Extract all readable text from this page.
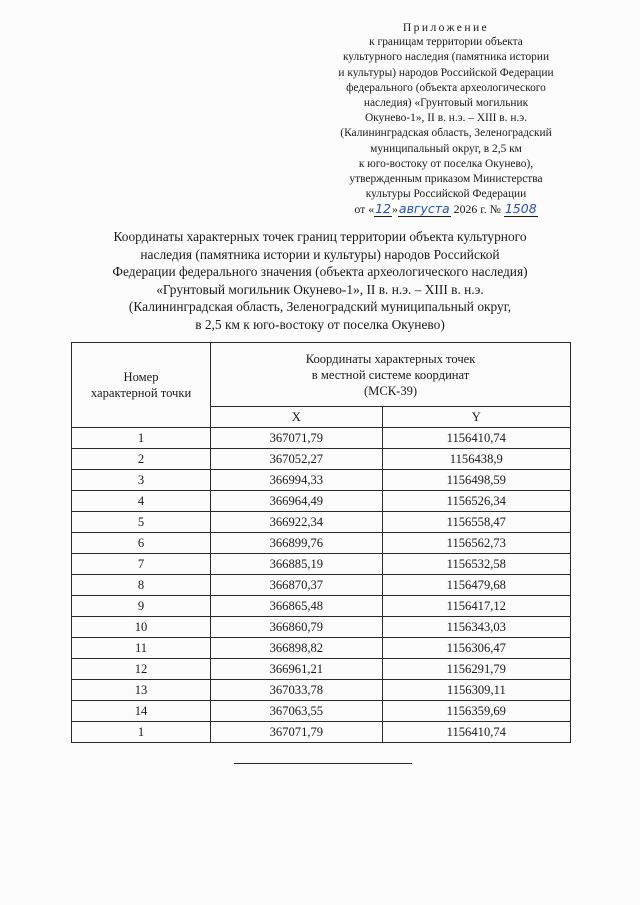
Приложение
к границам территории объекта
культурного наследия (памятника истории
и культуры) народов Российской Федерации
федерального (объекта археологического
наследия) «Грунтовый могильник
Окунево-1», II в. н.э. – XIII в. н.э.
(Калининградская область, Зеленоградский
муниципальный округ, в 2,5 км
к юго-востоку от поселка Окунево),
утвержденным приказом Министерства
культуры Российской Федерации
от «12»августа 2026 г. № 1508
Координаты характерных точек границ территории объекта культурного
наследия (памятника истории и культуры) народов Российской
Федерации федерального значения (объекта археологического наследия)
«Грунтовый могильник Окунево-1», II в. н.э. – XIII в. н.э.
(Калининградская область, Зеленоградский муниципальный округ,
в 2,5 км к юго-востоку от поселка Окунево)
Номер
характерной точки	Координаты характерных точек
в местной системе координат
(МСК-39)	

	X	Y
1	367071,79	1156410,74
2	367052,27	1156438,9
3	366994,33	1156498,59
4	366964,49	1156526,34
5	366922,34	1156558,47
6	366899,76	1156562,73
7	366885,19	1156532,58
8	366870,37	1156479,68
9	366865,48	1156417,12
10	366860,79	1156343,03
11	366898,82	1156306,47
12	366961,21	1156291,79
13	367033,78	1156309,11
14	367063,55	1156359,69
1	367071,79	1156410,74
